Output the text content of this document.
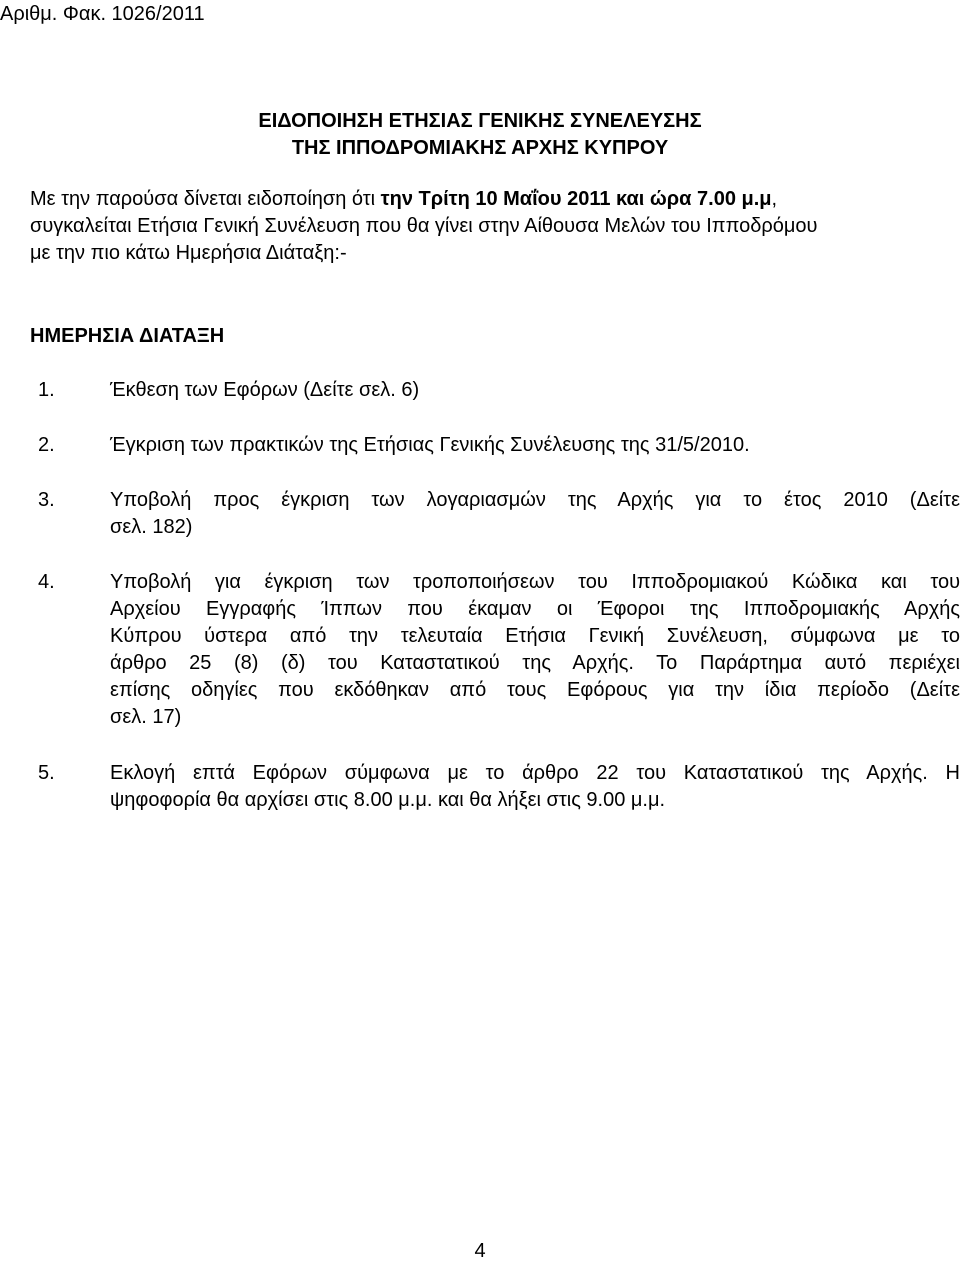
Αριθμ. Φακ. 1026/2011
ΕΙΔΟΠΟΙΗΣΗ ΕΤΗΣΙΑΣ ΓΕΝΙΚΗΣ ΣΥΝΕΛΕΥΣΗΣ
ΤΗΣ ΙΠΠΟΔΡΟΜΙΑΚΗΣ ΑΡΧΗΣ ΚΥΠΡΟΥ
Με την παρούσα δίνεται ειδοποίηση ότι την Τρίτη 10 Μαΐου 2011 και ώρα 7.00 μ.μ,
συγκαλείται Ετήσια Γενική Συνέλευση που θα γίνει στην Αίθουσα Μελών του Ιπποδρόμου
με την πιο κάτω Ημερήσια Διάταξη:-
ΗΜΕΡΗΣΙΑ ΔΙΑΤΑΞΗ
1.	Έκθεση των Εφόρων (Δείτε σελ. 6)
2.	Έγκριση των πρακτικών της Ετήσιας Γενικής Συνέλευσης της 31/5/2010.
3.	Υποβολή προς έγκριση των λογαριασμών της Αρχής για το έτος 2010 (Δείτε
σελ. 182)
4.	Υποβολή για έγκριση των τροποποιήσεων του Ιπποδρομιακού Κώδικα και του
Αρχείου Εγγραφής Ίππων που έκαμαν οι Έφοροι της Ιπποδρομιακής Αρχής
Κύπρου ύστερα από την τελευταία Ετήσια Γενική Συνέλευση, σύμφωνα με το
άρθρο 25 (8) (δ) του Καταστατικού της Αρχής. Το Παράρτημα αυτό περιέχει
επίσης οδηγίες που εκδόθηκαν από τους Εφόρους για την ίδια περίοδο (Δείτε
σελ. 17)
5.	Εκλογή επτά Εφόρων σύμφωνα με το άρθρο 22 του Καταστατικού της Αρχής. Η
ψηφοφορία θα αρχίσει στις 8.00 μ.μ. και θα λήξει στις 9.00 μ.μ.
4
